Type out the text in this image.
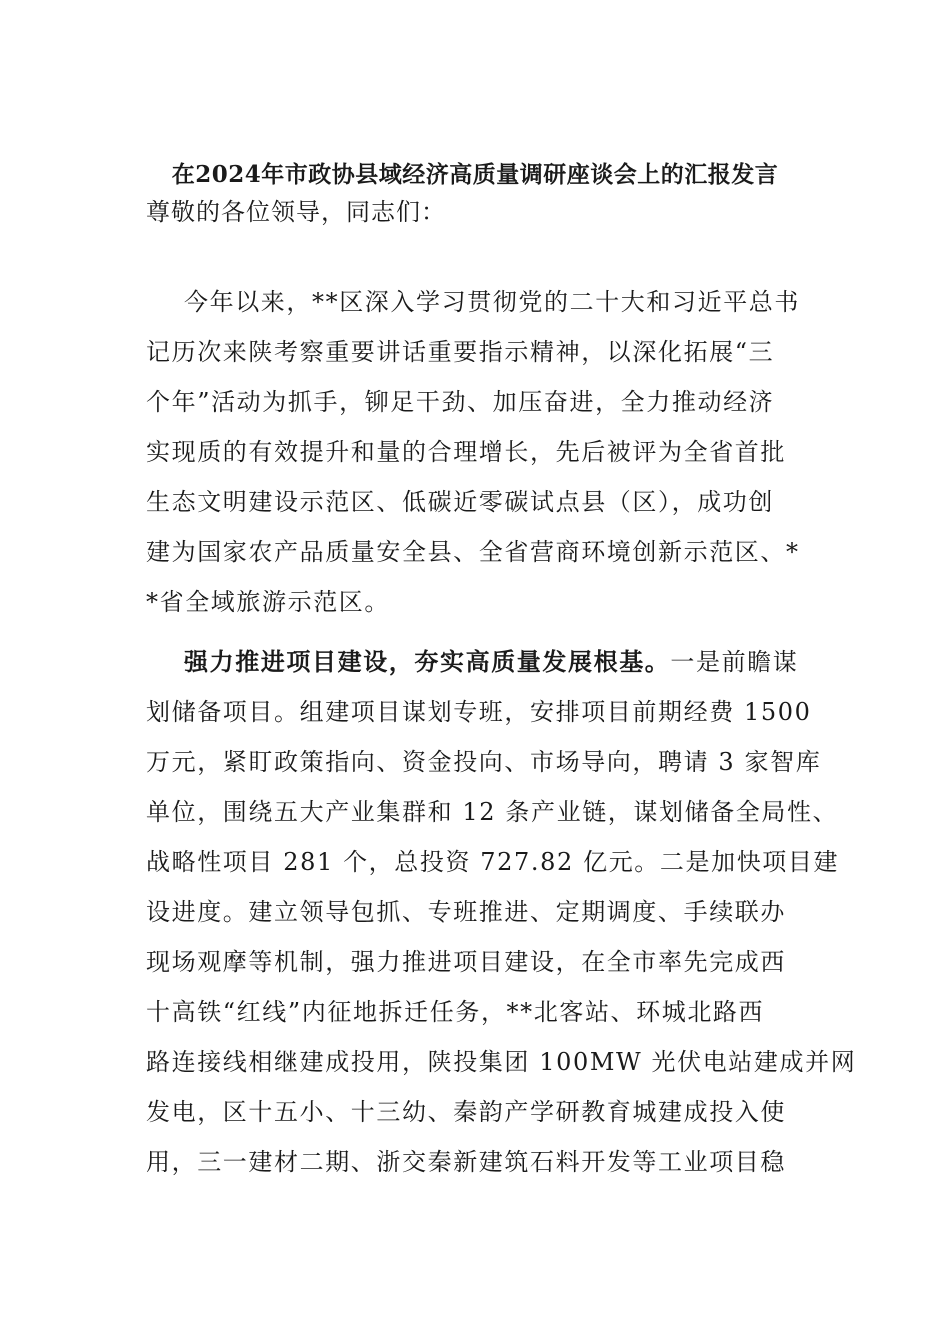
在2024年市政协县域经济高质量调研座谈会上的汇报发言
尊敬的各位领导，同志们：
今年以来，**区深入学习贯彻党的二十大和习近平总书
记历次来陕考察重要讲话重要指示精神，以深化拓展“三
个年”活动为抓手，铆足干劲、加压奋进，全力推动经济
实现质的有效提升和量的合理增长，先后被评为全省首批
生态文明建设示范区、低碳近零碳试点县（区），成功创
建为国家农产品质量安全县、全省营商环境创新示范区、*
*省全域旅游示范区。
强力推进项目建设，夯实高质量发展根基。一是前瞻谋
划储备项目。组建项目谋划专班，安排项目前期经费 1500
万元，紧盯政策指向、资金投向、市场导向，聘请 3 家智库
单位，围绕五大产业集群和 12 条产业链，谋划储备全局性、
战略性项目 281 个，总投资 727.82 亿元。二是加快项目建
设进度。建立领导包抓、专班推进、定期调度、手续联办
现场观摩等机制，强力推进项目建设，在全市率先完成西
十高铁“红线”内征地拆迁任务，**北客站、环城北路西
路连接线相继建成投用，陕投集团 100MW 光伏电站建成并网
发电，区十五小、十三幼、秦韵产学研教育城建成投入使
用，三一建材二期、浙交秦新建筑石料开发等工业项目稳
